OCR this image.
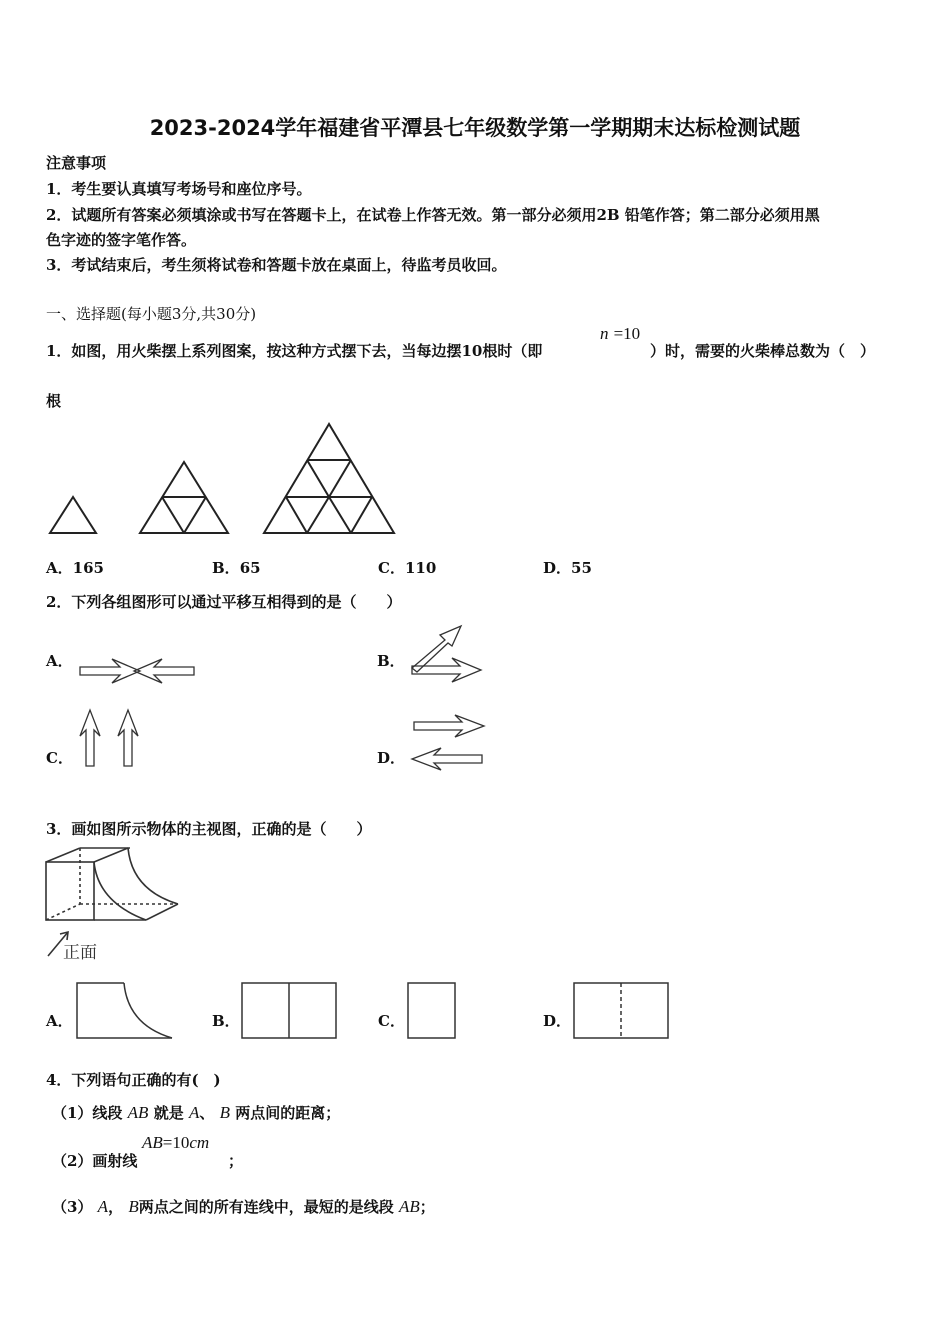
2023-2024学年福建省平潭县七年级数学第一学期期末达标检测试题
注意事项
1．考生要认真填写考场号和座位序号。
2．试题所有答案必须填涂或书写在答题卡上，在试卷上作答无效。第一部分必须用2B 铅笔作答；第二部分必须用黑
色字迹的签字笔作答。
3．考试结束后，考生须将试卷和答题卡放在桌面上，待监考员收回。
一、选择题(每小题3分,共30分)
1．如图，用火柴摆上系列图案，按这种方式摆下去，当每边摆10根时（即
n =10
）时，需要的火柴棒总数为（　）
根
A．165	B．65	C．110	D．55
2．下列各组图形可以通过平移互相得到的是（　　）
A．	B．
C．	D．
3．画如图所示物体的主视图，正确的是（　　）
正面
A．	B．	C．	D．
4．下列语句正确的有(　)
（1）线段 AB 就是 A、 B 两点间的距离；
（2）画射线
AB=10cm
；
（3） A， B两点之间的所有连线中，最短的是线段 AB；
